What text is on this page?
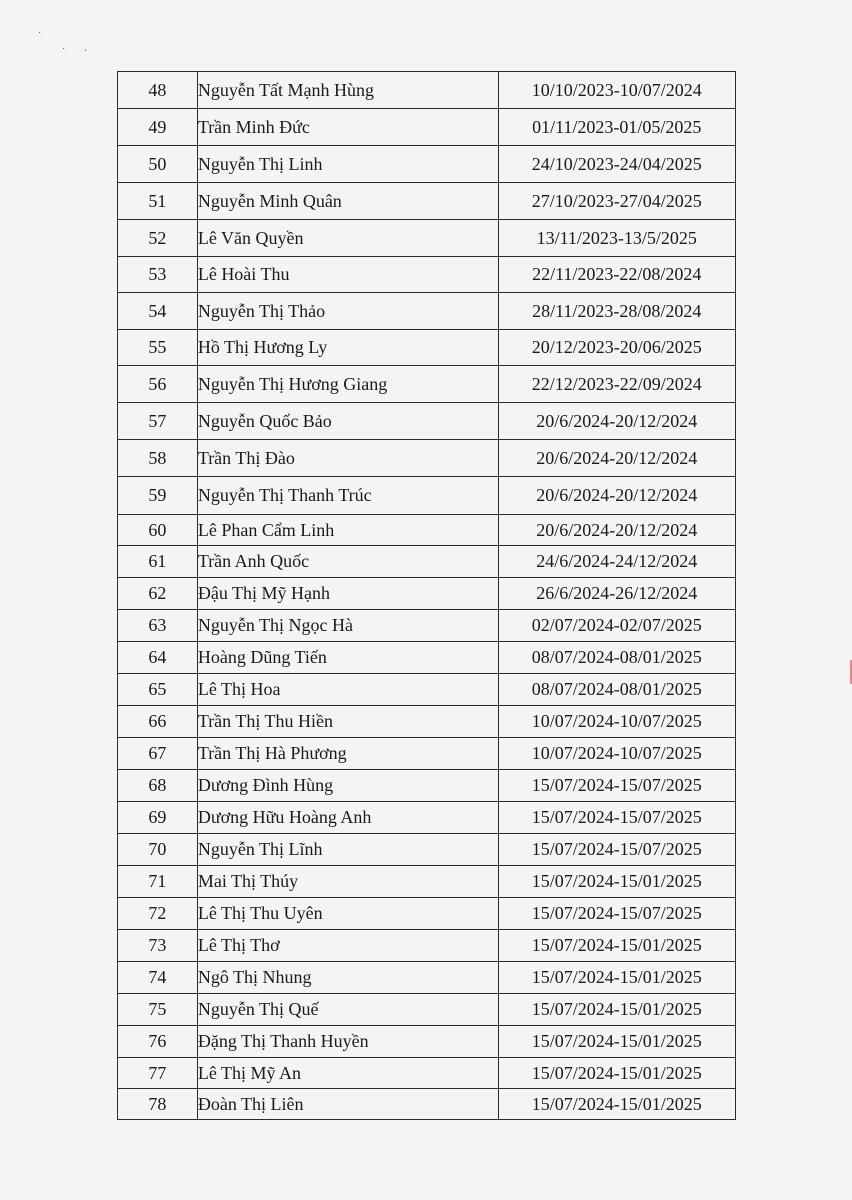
·
· ·
48	Nguyễn Tất Mạnh Hùng	10/10/2023-10/07/2024
49	Trần Minh Đức	01/11/2023-01/05/2025
50	Nguyễn Thị Linh	24/10/2023-24/04/2025
51	Nguyễn Minh Quân	27/10/2023-27/04/2025
52	Lê Văn Quyền	13/11/2023-13/5/2025
53	Lê Hoài Thu	22/11/2023-22/08/2024
54	Nguyễn Thị Thảo	28/11/2023-28/08/2024
55	Hồ Thị Hương Ly	20/12/2023-20/06/2025
56	Nguyễn Thị Hương Giang	22/12/2023-22/09/2024
57	Nguyễn Quốc Bảo	20/6/2024-20/12/2024
58	Trần Thị Đào	20/6/2024-20/12/2024
59	Nguyễn Thị Thanh Trúc	20/6/2024-20/12/2024
60	Lê Phan Cẩm Linh	20/6/2024-20/12/2024
61	Trần Anh Quốc	24/6/2024-24/12/2024
62	Đậu Thị Mỹ Hạnh	26/6/2024-26/12/2024
63	Nguyễn Thị Ngọc Hà	02/07/2024-02/07/2025
64	Hoàng Dũng Tiến	08/07/2024-08/01/2025
65	Lê Thị Hoa	08/07/2024-08/01/2025
66	Trần Thị Thu Hiền	10/07/2024-10/07/2025
67	Trần Thị Hà Phương	10/07/2024-10/07/2025
68	Dương Đình Hùng	15/07/2024-15/07/2025
69	Dương Hữu Hoàng Anh	15/07/2024-15/07/2025
70	Nguyễn Thị Lĩnh	15/07/2024-15/07/2025
71	Mai Thị Thúy	15/07/2024-15/01/2025
72	Lê Thị Thu Uyên	15/07/2024-15/07/2025
73	Lê Thị Thơ	15/07/2024-15/01/2025
74	Ngô Thị Nhung	15/07/2024-15/01/2025
75	Nguyễn Thị Quế	15/07/2024-15/01/2025
76	Đặng Thị Thanh Huyền	15/07/2024-15/01/2025
77	Lê Thị Mỹ An	15/07/2024-15/01/2025
78	Đoàn Thị Liên	15/07/2024-15/01/2025
